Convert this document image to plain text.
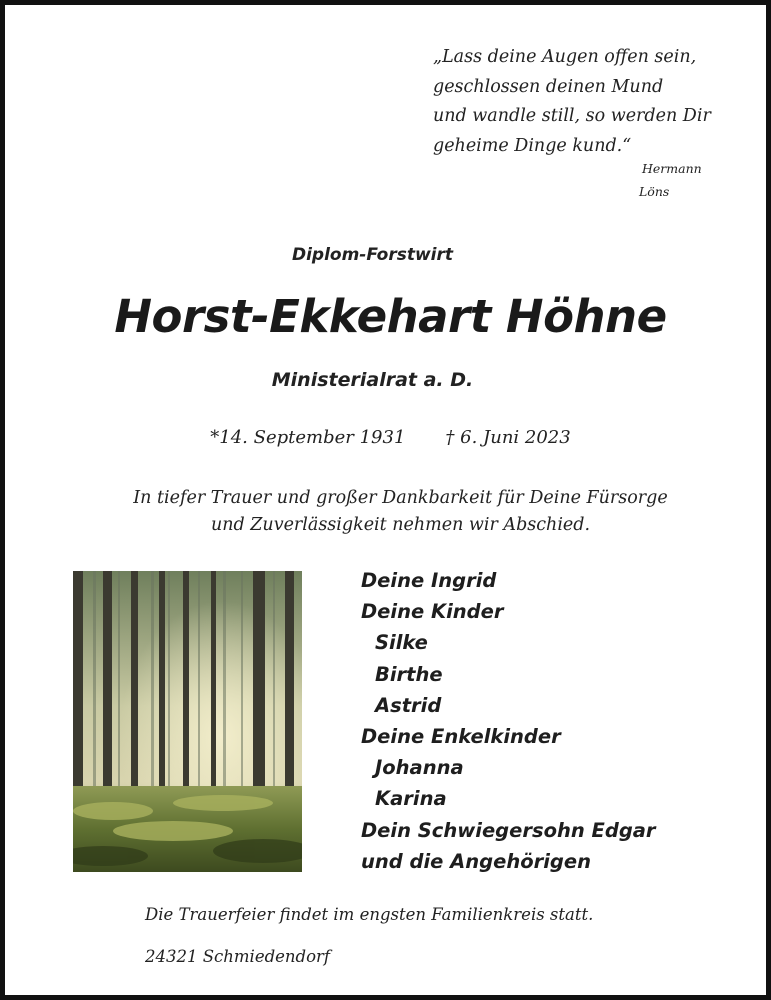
„Lass deine Augen offen sein,
geschlossen deinen Mund
und wandle still, so werden Dir
geheime Dinge kund.“
Hermann
Löns
Diplom-Forstwirt
Horst-Ekkehart Höhne
Ministerialrat a. D.
*14. September 1931 † 6. Juni 2023
In tiefer Trauer und großer Dankbarkeit für Deine Fürsorge
und Zuverlässigkeit nehmen wir Abschied.
Deine Ingrid
Deine Kinder
Silke
Birthe
Astrid
Deine Enkelkinder
Johanna
Karina
Dein Schwiegersohn Edgar
und die Angehörigen
Die Trauerfeier findet im engsten Familienkreis statt.
24321 Schmiedendorf
